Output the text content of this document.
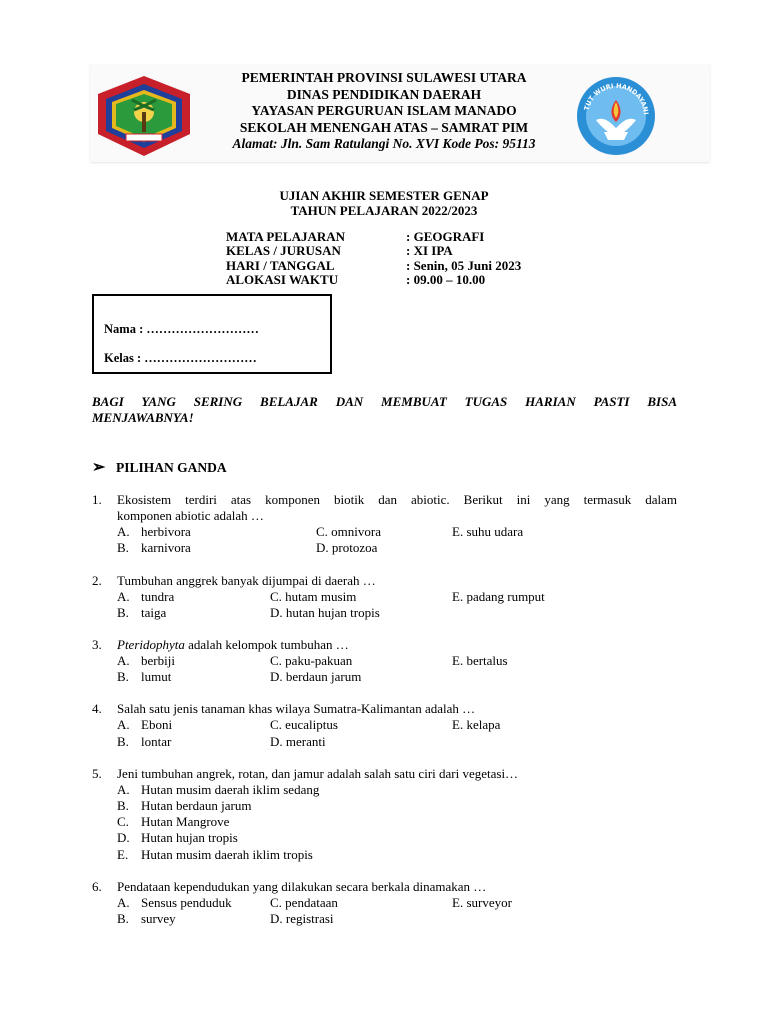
PEMERINTAH PROVINSI SULAWESI UTARA
DINAS PENDIDIKAN DAERAH
YAYASAN PERGURUAN ISLAM MANADO
SEKOLAH MENENGAH ATAS – SAMRAT PIM
Alamat: Jln. Sam Ratulangi No. XVI Kode Pos: 95113
TUT WURI HANDAYANI
UJIAN AKHIR SEMESTER GENAP
TAHUN PELAJARAN 2022/2023
MATA PELAJARAN	: GEOGRAFI
KELAS / JURUSAN	: XI IPA
HARI / TANGGAL	: Senin, 05 Juni 2023
ALOKASI WAKTU	: 09.00 – 10.00
Nama : ………………………
Kelas : ………………………
BAGI YANG SERING BELAJAR DAN MEMBUAT TUGAS HARIAN PASTI BISA
MENJAWABNYA!
➢ PILIHAN GANDA
1. Ekosistem terdiri atas komponen biotik dan abiotic. Berikut ini yang termasuk dalam
komponen abiotic adalah …
A. herbivora	C. omnivora	E. suhu udara
B. karnivora	D. protozoa
2. Tumbuhan anggrek banyak dijumpai di daerah …
A. tundra	C. hutam musim	E. padang rumput
B. taiga	D. hutan hujan tropis
3. Pteridophyta adalah kelompok tumbuhan …
A. berbiji	C. paku-pakuan	E. bertalus
B. lumut	D. berdaun jarum
4. Salah satu jenis tanaman khas wilaya Sumatra-Kalimantan adalah …
A. Eboni	C. eucaliptus	E. kelapa
B. lontar	D. meranti
5. Jeni tumbuhan angrek, rotan, dan jamur adalah salah satu ciri dari vegetasi…
A. Hutan musim daerah iklim sedang
B. Hutan berdaun jarum
C. Hutan Mangrove
D. Hutan hujan tropis
E. Hutan musim daerah iklim tropis
6. Pendataan kependudukan yang dilakukan secara berkala dinamakan …
A. Sensus penduduk	C. pendataan	E. surveyor
B. survey	D. registrasi
